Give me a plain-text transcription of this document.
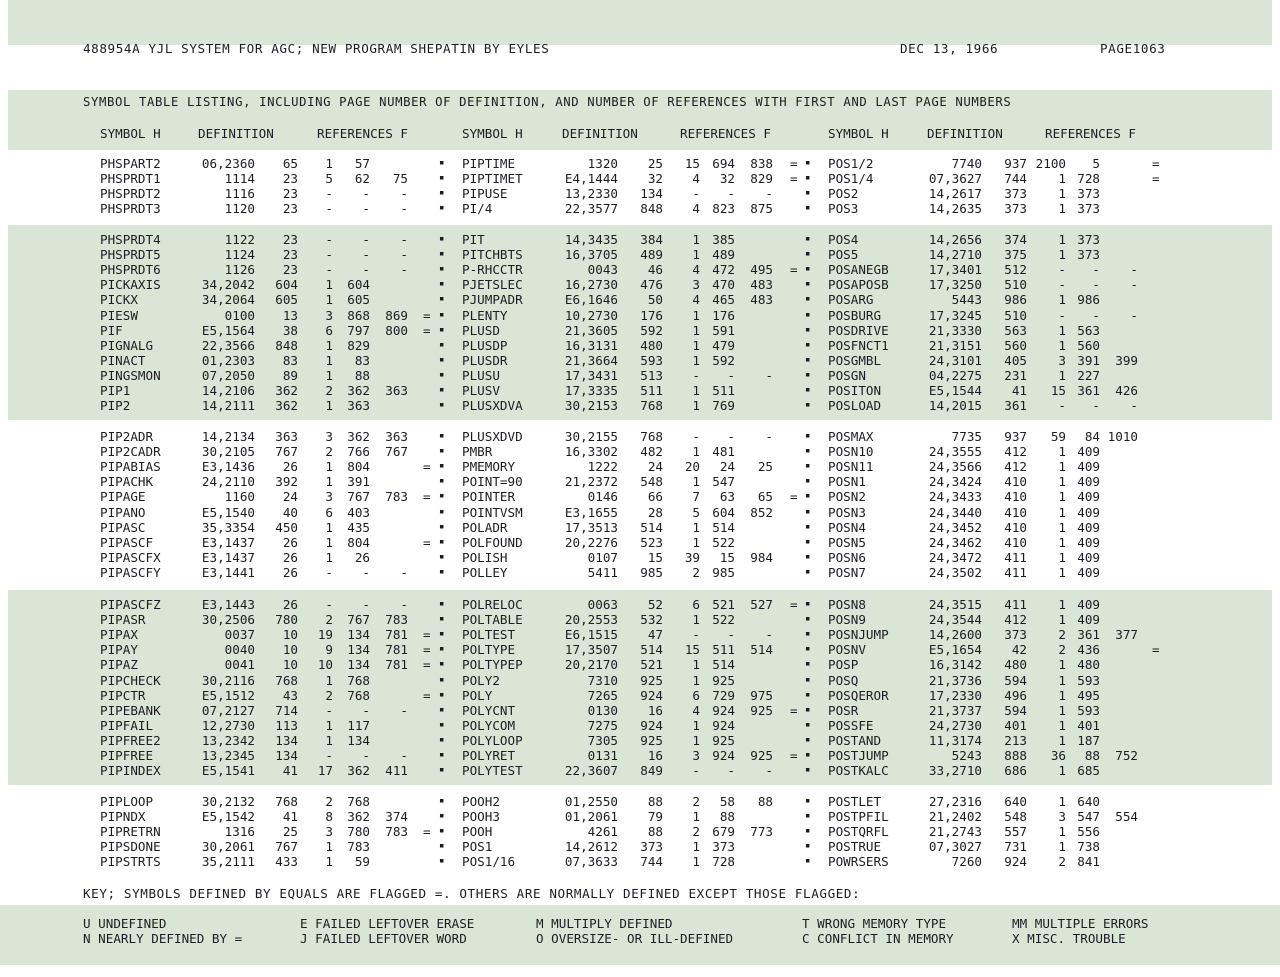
488954A YJL SYSTEM FOR AGC; NEW PROGRAM SHEPATIN BY EYLES	DEC 13, 1966	PAGE1063
SYMBOL TABLE LISTING, INCLUDING PAGE NUMBER OF DEFINITION, AND NUMBER OF REFERENCES WITH FIRST AND LAST PAGE NUMBERS
SYMBOL H	DEFINITION	REFERENCES F	SYMBOL H	DEFINITION	REFERENCES F	SYMBOL H	DEFINITION	REFERENCES F
PHSPART2	06,2360 65 1 57	▪ PIPTIME	1320 25 15 694 838 = ▪ POS1/2	7740 937 2100 5	=
PHSPRDT1	1114 23 5 62 75	▪ PIPTIMET	E4,1444 32 4 32 829 = ▪ POS1/4	07,3627 744 1 728	=
PHSPRDT2	1116 23 - - -	▪ PIPUSE	13,2330 134 - - -	▪ POS2	14,2617 373 1 373
PHSPRDT3	1120 23 - - -	▪ PI/4	22,3577 848 4 823 875	▪ POS3	14,2635 373 1 373
PHSPRDT4	1122 23 - - -	▪ PIT	14,3435 384 1 385	▪ POS4	14,2656 374 1 373
PHSPRDT5	1124 23 - - -	▪ PITCHBTS	16,3705 489 1 489	▪ POS5	14,2710 375 1 373
PHSPRDT6	1126 23 - - -	▪ P-RHCCTR	0043 46 4 472 495 = ▪ POSANEGB	17,3401 512 - - -
PICKAXIS	34,2042 604 1 604	▪ PJETSLEC	16,2730 476 3 470 483	▪ POSAPOSB	17,3250 510 - - -
PICKX	34,2064 605 1 605	▪ PJUMPADR	E6,1646 50 4 465 483	▪ POSARG	5443 986 1 986
PIESW	0100 13 3 868 869 = ▪ PLENTY	10,2730 176 1 176	▪ POSBURG	17,3245 510 - - -
PIF	E5,1564 38 6 797 800 = ▪ PLUSD	21,3605 592 1 591	▪ POSDRIVE	21,3330 563 1 563
PIGNALG	22,3566 848 1 829	▪ PLUSDP	16,3131 480 1 479	▪ POSFNCT1	21,3151 560 1 560
PINACT	01,2303 83 1 83	▪ PLUSDR	21,3664 593 1 592	▪ POSGMBL	24,3101 405 3 391 399
PINGSMON	07,2050 89 1 88	▪ PLUSU	17,3431 513 - - -	▪ POSGN	04,2275 231 1 227
PIP1	14,2106 362 2 362 363	▪ PLUSV	17,3335 511 1 511	▪ POSITON	E5,1544 41 15 361 426
PIP2	14,2111 362 1 363	▪ PLUSXDVA	30,2153 768 1 769	▪ POSLOAD	14,2015 361 - - -
PIP2ADR	14,2134 363 3 362 363	▪ PLUSXDVD	30,2155 768 - - -	▪ POSMAX	7735 937 59 84 1010
PIP2CADR	30,2105 767 2 766 767	▪ PMBR	16,3302 482 1 481	▪ POSN10	24,3555 412 1 409
PIPABIAS	E3,1436 26 1 804	= ▪ PMEMORY	1222 24 20 24 25	▪ POSN11	24,3566 412 1 409
PIPACHK	24,2110 392 1 391	▪ POINT=90	21,2372 548 1 547	▪ POSN1	24,3424 410 1 409
PIPAGE	1160 24 3 767 783 = ▪ POINTER	0146 66 7 63 65 = ▪ POSN2	24,3433 410 1 409
PIPANO	E5,1540 40 6 403	▪ POINTVSM	E3,1655 28 5 604 852	▪ POSN3	24,3440 410 1 409
PIPASC	35,3354 450 1 435	▪ POLADR	17,3513 514 1 514	▪ POSN4	24,3452 410 1 409
PIPASCF	E3,1437 26 1 804	= ▪ POLFOUND	20,2276 523 1 522	▪ POSN5	24,3462 410 1 409
PIPASCFX	E3,1437 26 1 26	▪ POLISH	0107 15 39 15 984	▪ POSN6	24,3472 411 1 409
PIPASCFY	E3,1441 26 - - -	▪ POLLEY	5411 985 2 985	▪ POSN7	24,3502 411 1 409
PIPASCFZ	E3,1443 26 - - -	▪ POLRELOC	0063 52 6 521 527 = ▪ POSN8	24,3515 411 1 409
PIPASR	30,2506 780 2 767 783	▪ POLTABLE	20,2553 532 1 522	▪ POSN9	24,3544 412 1 409
PIPAX	0037 10 19 134 781 = ▪ POLTEST	E6,1515 47 - - -	▪ POSNJUMP	14,2600 373 2 361 377
PIPAY	0040 10 9 134 781 = ▪ POLTYPE	17,3507 514 15 511 514	▪ POSNV	E5,1654 42 2 436	=
PIPAZ	0041 10 10 134 781 = ▪ POLTYPEP	20,2170 521 1 514	▪ POSP	16,3142 480 1 480
PIPCHECK	30,2116 768 1 768	▪ POLY2	7310 925 1 925	▪ POSQ	21,3736 594 1 593
PIPCTR	E5,1512 43 2 768	= ▪ POLY	7265 924 6 729 975	▪ POSQEROR	17,2330 496 1 495
PIPEBANK	07,2127 714 - - -	▪ POLYCNT	0130 16 4 924 925 = ▪ POSR	21,3737 594 1 593
PIPFAIL	12,2730 113 1 117	▪ POLYCOM	7275 924 1 924	▪ POSSFE	24,2730 401 1 401
PIPFREE2	13,2342 134 1 134	▪ POLYLOOP	7305 925 1 925	▪ POSTAND	11,3174 213 1 187
PIPFREE	13,2345 134 - - -	▪ POLYRET	0131 16 3 924 925 = ▪ POSTJUMP	5243 888 36 88 752
PIPINDEX	E5,1541 41 17 362 411	▪ POLYTEST	22,3607 849 - - -	▪ POSTKALC	33,2710 686 1 685
PIPLOOP	30,2132 768 2 768	▪ POOH2	01,2550 88 2 58 88	▪ POSTLET	27,2316 640 1 640
PIPNDX	E5,1542 41 8 362 374	▪ POOH3	01,2061 79 1 88	▪ POSTPFIL	21,2402 548 3 547 554
PIPRETRN	1316 25 3 780 783 = ▪ POOH	4261 88 2 679 773	▪ POSTQRFL	21,2743 557 1 556
PIPSDONE	30,2061 767 1 783	▪ POS1	14,2612 373 1 373	▪ POSTRUE	07,3027 731 1 738
PIPSTRTS	35,2111 433 1 59	▪ POS1/16	07,3633 744 1 728	▪ POWRSERS	7260 924 2 841
KEY; SYMBOLS DEFINED BY EQUALS ARE FLAGGED =. OTHERS ARE NORMALLY DEFINED EXCEPT THOSE FLAGGED:
U UNDEFINED	E FAILED LEFTOVER ERASE	M MULTIPLY DEFINED	T WRONG MEMORY TYPE	MM MULTIPLE ERRORS
N NEARLY DEFINED BY =	J FAILED LEFTOVER WORD	O OVERSIZE- OR ILL-DEFINED	C CONFLICT IN MEMORY	X MISC. TROUBLE
